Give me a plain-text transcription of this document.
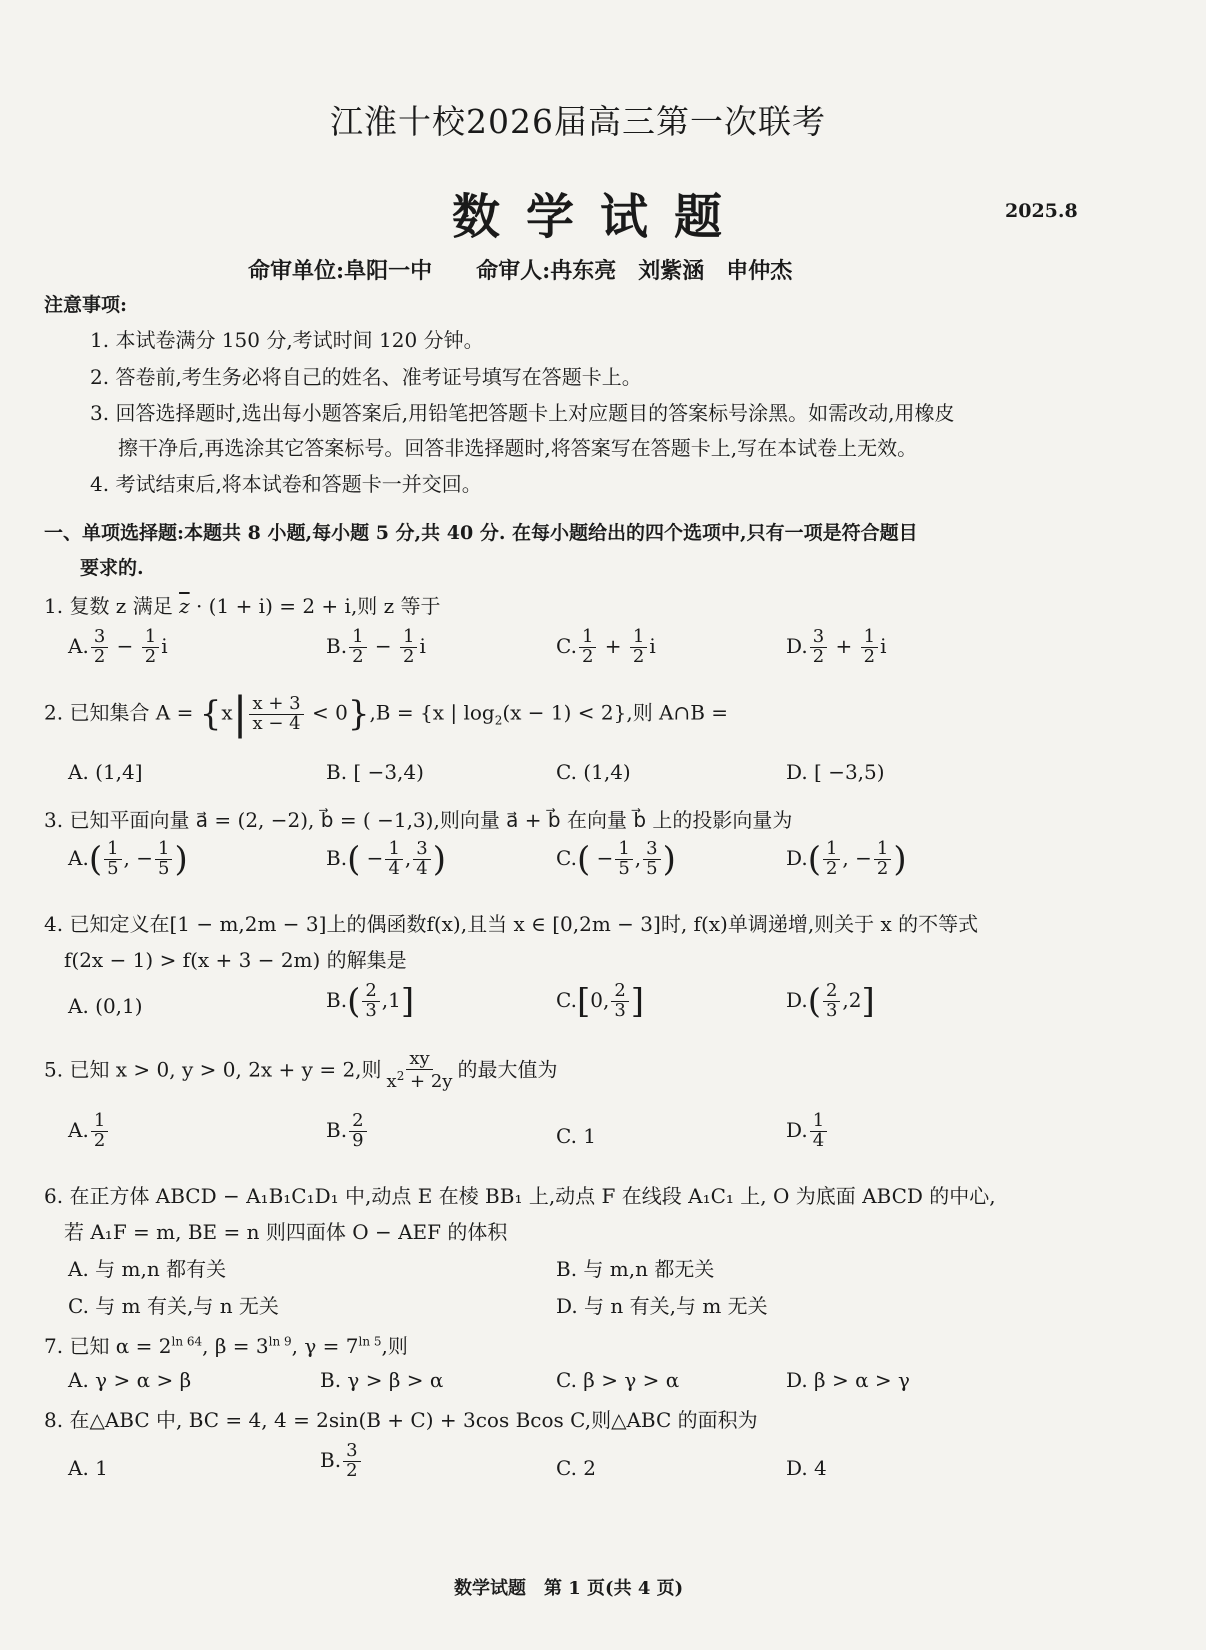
江淮十校2026届高三第一次联考
数学试题	2025.8
命审单位:阜阳一中　　命审人:冉东亮　刘紫涵　申仲杰
注意事项:
1. 本试卷满分 150 分,考试时间 120 分钟。
2. 答卷前,考生务必将自己的姓名、准考证号填写在答题卡上。
3. 回答选择题时,选出每小题答案后,用铅笔把答题卡上对应题目的答案标号涂黑。如需改动,用橡皮
擦干净后,再选涂其它答案标号。回答非选择题时,将答案写在答题卡上,写在本试卷上无效。
4. 考试结束后,将本试卷和答题卡一并交回。
一、单项选择题:本题共 8 小题,每小题 5 分,共 40 分. 在每小题给出的四个选项中,只有一项是符合题目
要求的.
1. 复数 z 满足 $\overline{z} \cdot (1 + i) = 2 + i$,则 z 等于
A. $\frac{3}{2} - \frac{1}{2}$ i	B. $\frac{1}{2} - \frac{1}{2}$ i	C. $\frac{1}{2} + \frac{1}{2}$ i	D. $\frac{3}{2} + \frac{1}{2}$ i
2. 已知集合 $A = \{x| \frac{x + 3}{x - 4} < 0\},B = \{x$ | $\log_2(x - 1) < 2$},则 A∩B =
A. (1,4]	B. [ −3,4)	C. (1,4)	D. [ −3,5)
3. 已知平面向量 a⃗ = (2, −2), b⃗ = ( −1,3),则向量 a⃗ + b⃗ 在向量 b⃗ 上的投影向量为
$A.( \frac{1}{5}$ , − $\frac{1}{5}$ )	$B.( - \frac{1}{4}$ , $\frac{3}{4}$ )	$C.( - \frac{1}{5}$ , $\frac{3}{5}$ )	$D.( \frac{1}{2}$ , − $\frac{1}{2}$ )
4. 已知定义在[1 − m,2m − 3]上的偶函数f(x),且当 x ∈ [0,2m − 3]时, f(x)单调递增,则关于 x 的不等式
f(2x − 1) > f(x + 3 − 2m) 的解集是
A. (0,1)	$B.( \frac{2}{3} ,1]$	C.[0, $\frac{2}{3}$ ]	$D.( \frac{2}{3} ,2]$
5. 已知 x > 0, y > 0, 2x + y = 2,则 $\frac{xy}{x^2 + 2y}$ 的最大值为
A. $\frac{1}{2}$	B. $\frac{2}{9}$	C. 1	D. $\frac{1}{4}$
6. 在正方体 ABCD − A₁B₁C₁D₁ 中,动点 E 在棱 BB₁ 上,动点 F 在线段 A₁C₁ 上, O 为底面 ABCD 的中心,
若 A₁F = m, BE = n 则四面体 O − AEF 的体积
A. 与 m,n 都有关	B. 与 m,n 都无关
C. 与 m 有关,与 n 无关	D. 与 n 有关,与 m 无关
7. 已知 $\alpha = 2^{ln 64}$, $\beta = 3^{ln 9}$, $\gamma = 7^{ln 5}$,则
A. γ > α > β	B. γ > β > α	C. β > γ > α	D. β > α > γ
8. 在△ABC 中, BC = 4, 4 = 2sin(B + C) + 3cos Bcos C,则△ABC 的面积为
A. 1	B. $\frac{3}{2}$	C. 2	D. 4
数学试题　第 1 页(共 4 页)
